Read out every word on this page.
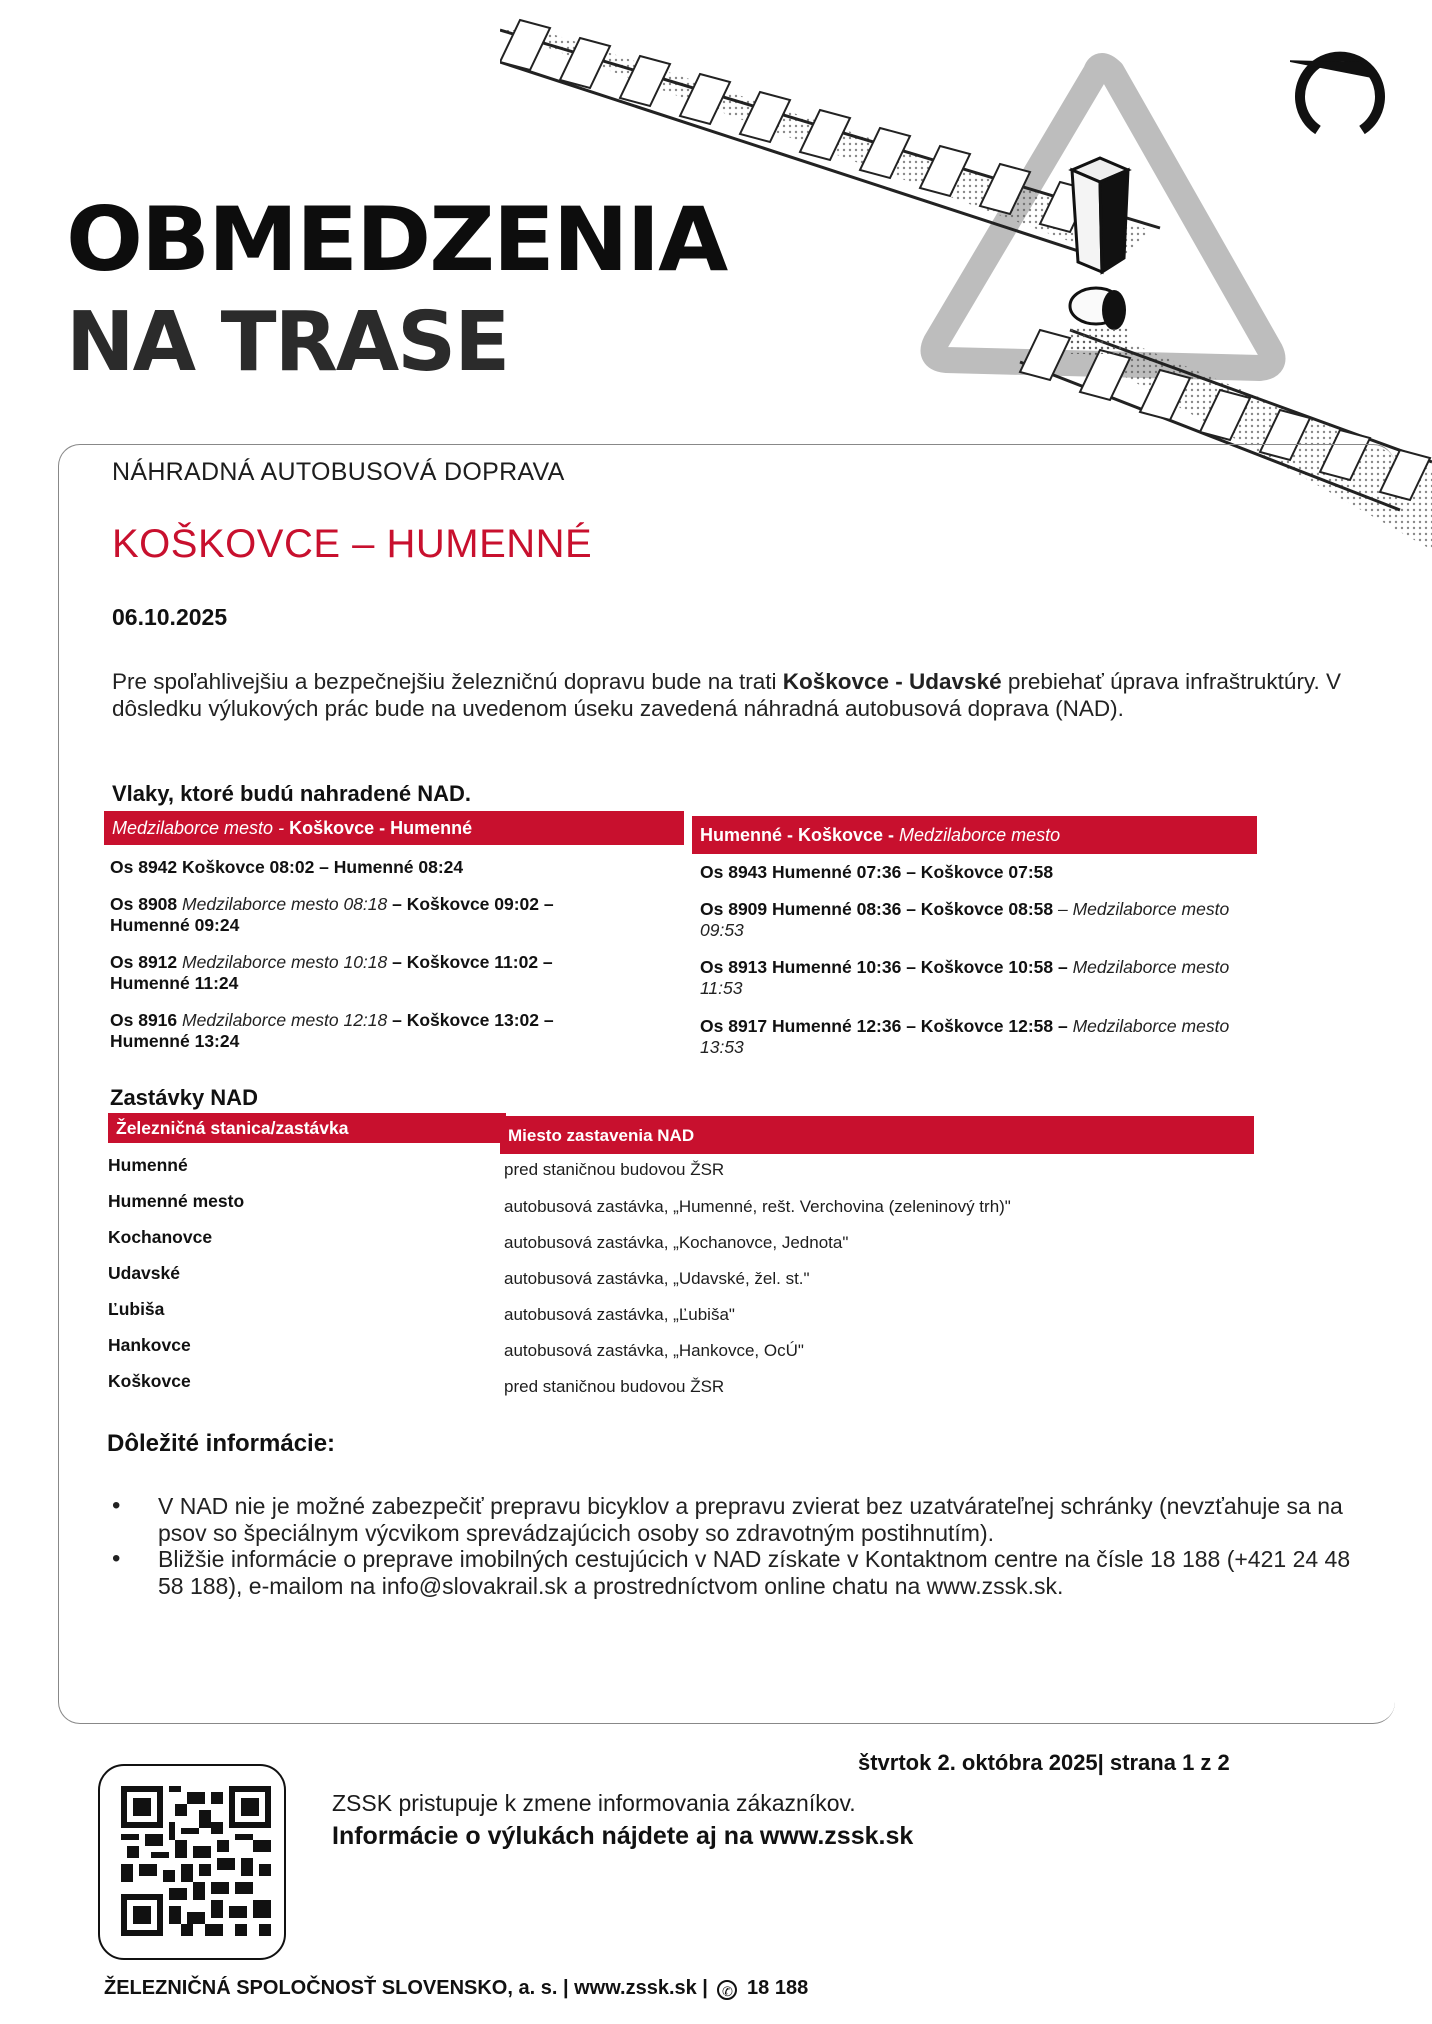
OBMEDZENIA
NA TRASE
NÁHRADNÁ AUTOBUSOVÁ DOPRAVA
KOŠKOVCE – HUMENNÉ
06.10.2025
Pre spoľahlivejšiu a bezpečnejšiu železničnú dopravu bude na trati Koškovce - Udavské prebiehať úprava infraštruktúry. V dôsledku výlukových prác bude na uvedenom úseku zavedená náhradná autobusová doprava (NAD).
Vlaky, ktoré budú nahradené NAD.
Medzilaborce mesto - Koškovce - Humenné	Humenné - Koškovce - Medzilaborce mesto
Os 8942 Koškovce 08:02 – Humenné 08:24
Os 8908 Medzilaborce mesto 08:18 – Koškovce 09:02 – Humenné 09:24
Os 8912 Medzilaborce mesto 10:18 – Koškovce 11:02 – Humenné 11:24
Os 8916 Medzilaborce mesto 12:18 – Koškovce 13:02 – Humenné 13:24
Os 8943 Humenné 07:36 – Koškovce 07:58
Os 8909 Humenné 08:36 – Koškovce 08:58 – Medzilaborce mesto 09:53
Os 8913 Humenné 10:36 – Koškovce 10:58 – Medzilaborce mesto 11:53
Os 8917 Humenné 12:36 – Koškovce 12:58 – Medzilaborce mesto 13:53
Zastávky NAD
Železničná stanica/zastávka	Miesto zastavenia NAD
Humenné	pred staničnou budovou ŽSR
Humenné mesto	autobusová zastávka, „Humenné, rešt. Verchovina (zeleninový trh)"
Kochanovce	autobusová zastávka, „Kochanovce, Jednota"
Udavské	autobusová zastávka, „Udavské, žel. st."
Ľubiša	autobusová zastávka, „Ľubiša"
Hankovce	autobusová zastávka, „Hankovce, OcÚ"
Koškovce	pred staničnou budovou ŽSR
Dôležité informácie:
• V NAD nie je možné zabezpečiť prepravu bicyklov a prepravu zvierat bez uzatvárateľnej schránky (nevzťahuje sa na psov so špeciálnym výcvikom sprevádzajúcich osoby so zdravotným postihnutím).
• Bližšie informácie o preprave imobilných cestujúcich v NAD získate v Kontaktnom centre na čísle 18 188 (+421 24 48 58 188), e-mailom na info@slovakrail.sk a prostredníctvom online chatu na www.zssk.sk.
štvrtok 2. októbra 2025| strana 1 z 2
ZSSK pristupuje k zmene informovania zákazníkov.
Informácie o výlukách nájdete aj na www.zssk.sk
ŽELEZNIČNÁ SPOLOČNOSŤ SLOVENSKO, a. s. | www.zssk.sk | ✆ 18 188
